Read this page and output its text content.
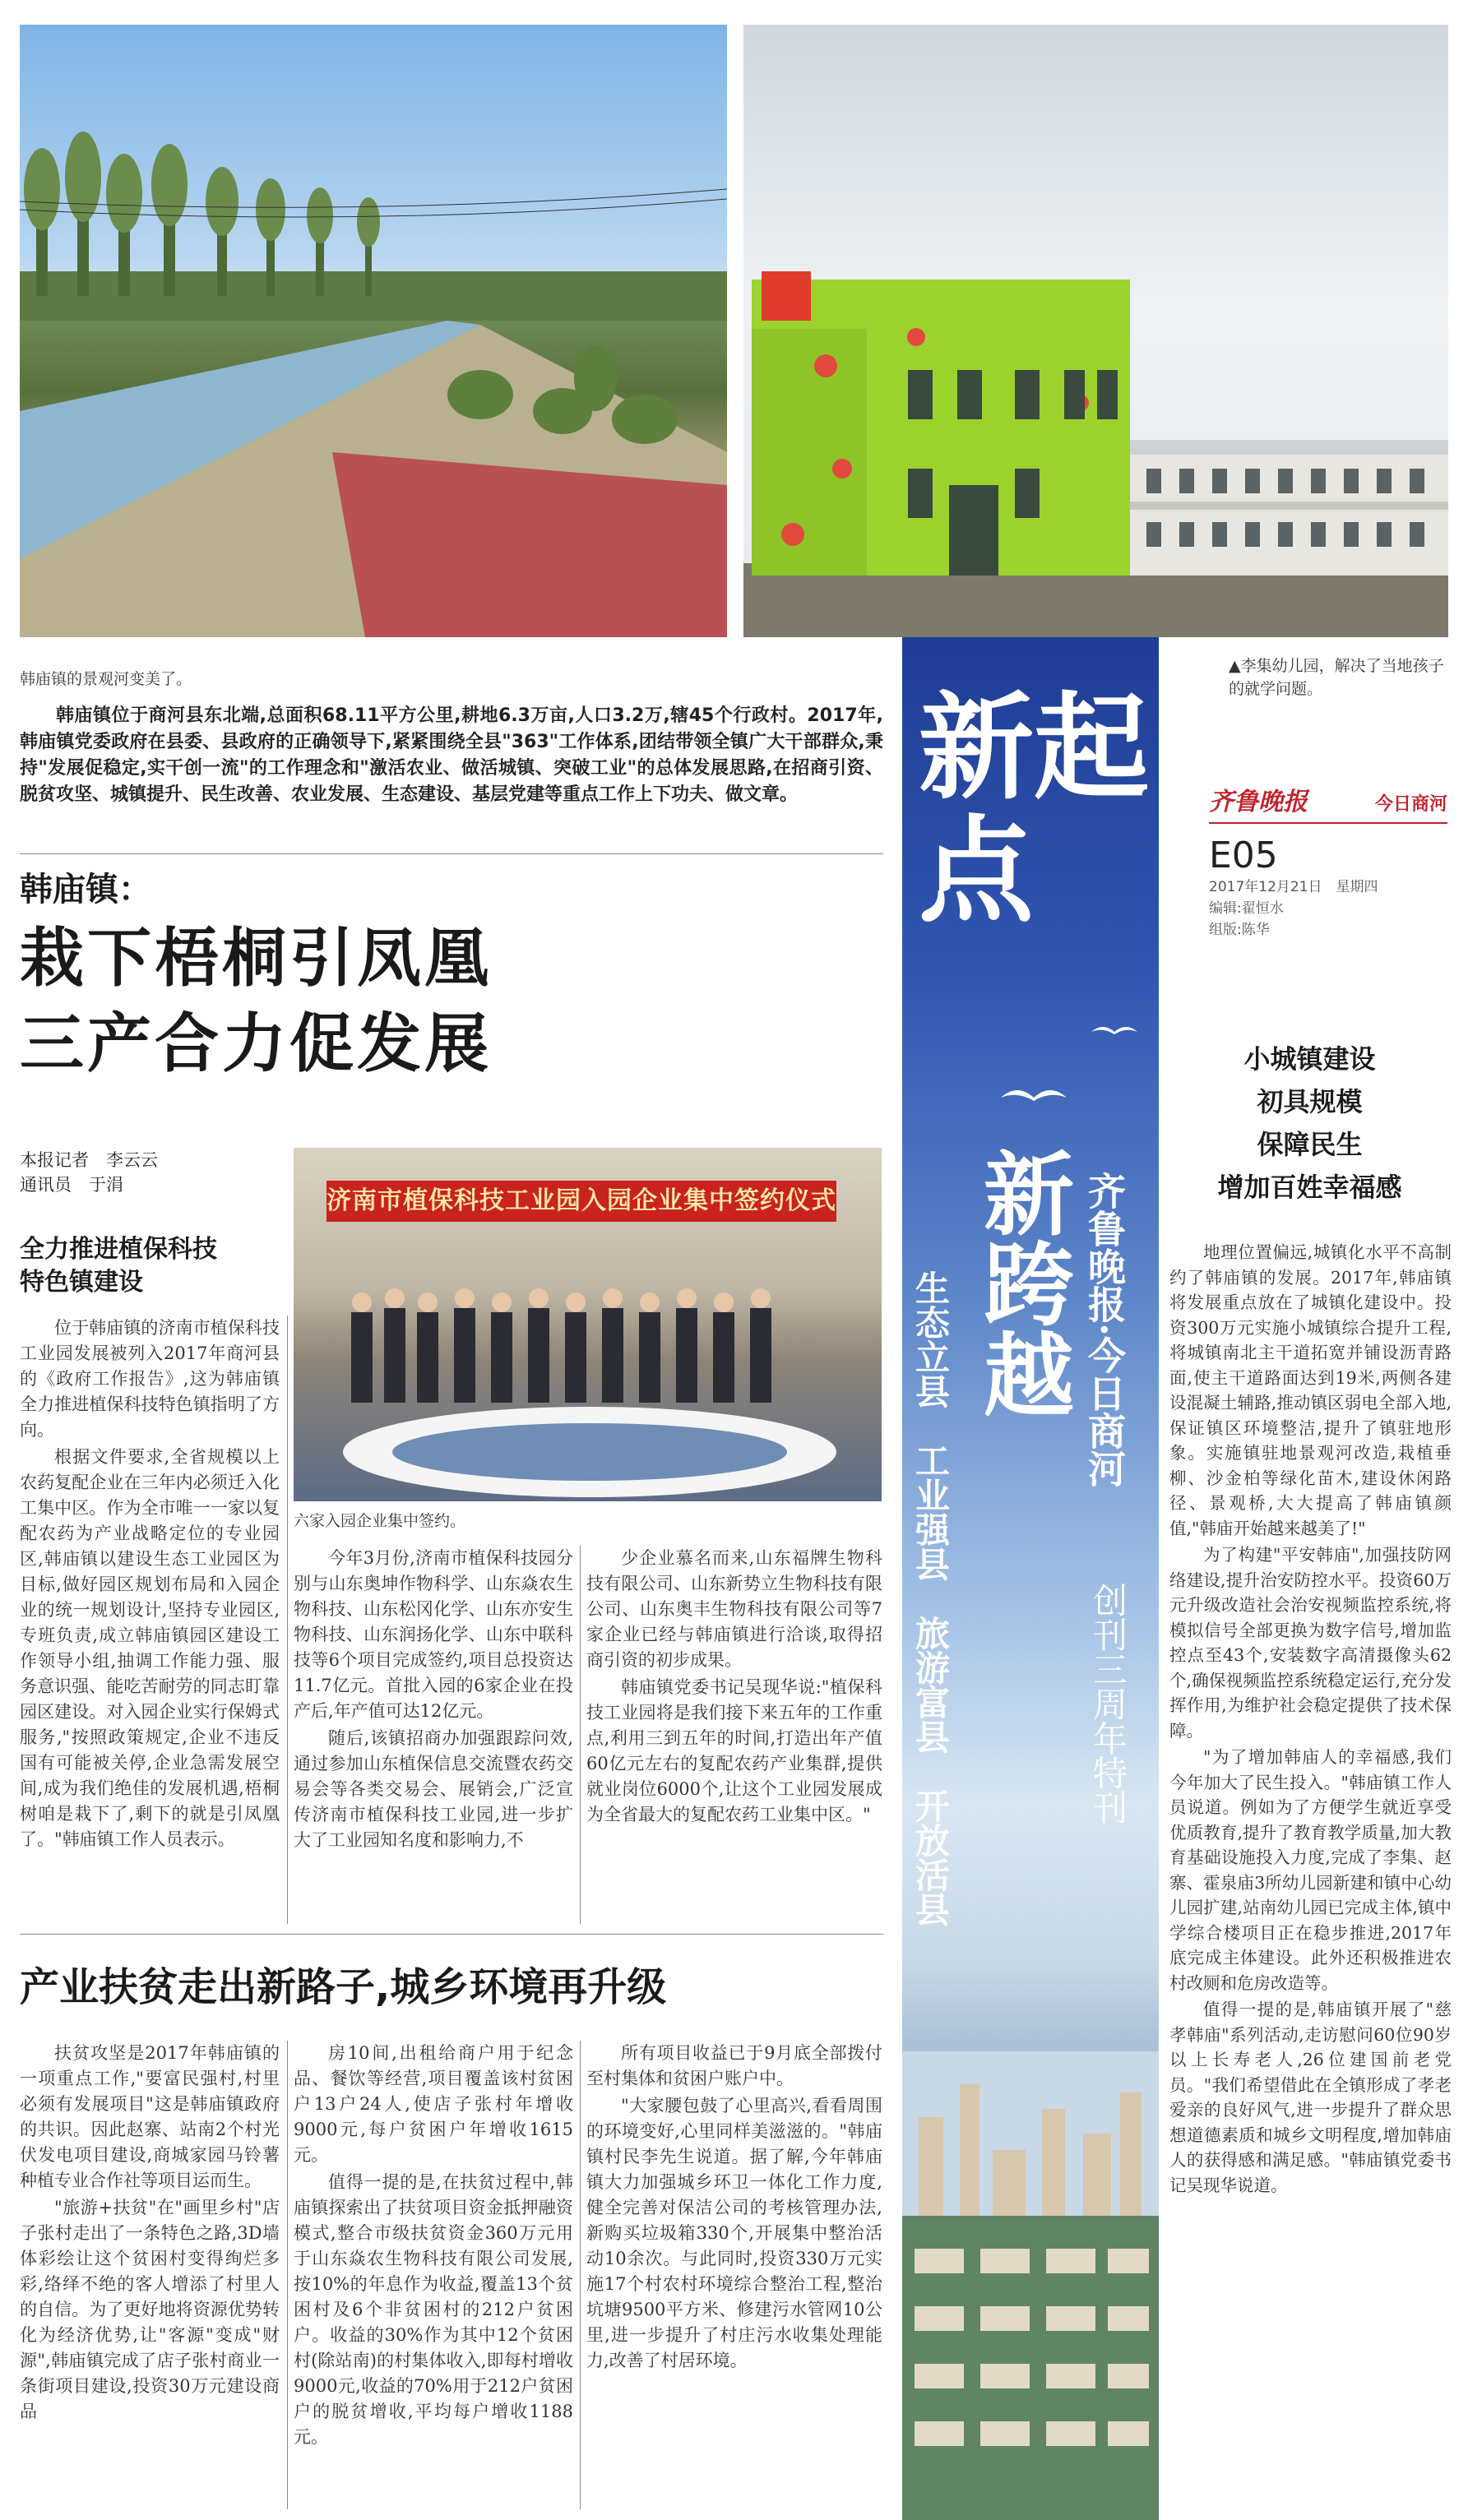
韩庙镇的景观河变美了。
▲李集幼儿园，解决了当地孩子的就学问题。
韩庙镇位于商河县东北端,总面积68.11平方公里,耕地6.3万亩,人口3.2万,辖45个行政村。2017年,韩庙镇党委政府在县委、县政府的正确领导下,紧紧围绕全县"363"工作体系,团结带领全镇广大干部群众,秉持"发展促稳定,实干创一流"的工作理念和"激活农业、做活城镇、突破工业"的总体发展思路,在招商引资、脱贫攻坚、城镇提升、民生改善、农业发展、生态建设、基层党建等重点工作上下功夫、做文章。
韩庙镇：
栽下梧桐引凤凰
三产合力促发展
本报记者　李云云
通讯员　于涓
全力推进植保科技
特色镇建设
济南市植保科技工业园入园企业集中签约仪式
六家入园企业集中签约。

位于韩庙镇的济南市植保科技工业园发展被列入2017年商河县的《政府工作报告》,这为韩庙镇全力推进植保科技特色镇指明了方向。

根据文件要求,全省规模以上农药复配企业在三年内必须迁入化工集中区。作为全市唯一一家以复配农药为产业战略定位的专业园区,韩庙镇以建设生态工业园区为目标,做好园区规划布局和入园企业的统一规划设计,坚持专业园区,专班负责,成立韩庙镇园区建设工作领导小组,抽调工作能力强、服务意识强、能吃苦耐劳的同志盯靠园区建设。对入园企业实行保姆式服务,"按照政策规定,企业不违反国有可能被关停,企业急需发展空间,成为我们绝佳的发展机遇,梧桐树咱是栽下了,剩下的就是引凤凰了。"韩庙镇工作人员表示。

今年3月份,济南市植保科技园分别与山东奥坤作物科学、山东焱农生物科技、山东松冈化学、山东亦安生物科技、山东润扬化学、山东中联科技等6个项目完成签约,项目总投资达11.7亿元。首批入园的6家企业在投产后,年产值可达12亿元。

随后,该镇招商办加强跟踪问效,通过参加山东植保信息交流暨农药交易会等各类交易会、展销会,广泛宣传济南市植保科技工业园,进一步扩大了工业园知名度和影响力,不

少企业慕名而来,山东福牌生物科技有限公司、山东新势立生物科技有限公司、山东奥丰生物科技有限公司等7家企业已经与韩庙镇进行洽谈,取得招商引资的初步成果。

韩庙镇党委书记吴现华说:"植保科技工业园将是我们接下来五年的工作重点,利用三到五年的时间,打造出年产值60亿元左右的复配农药产业集群,提供就业岗位6000个,让这个工业园发展成为全省最大的复配农药工业集中区。"

产业扶贫走出新路子,城乡环境再升级

扶贫攻坚是2017年韩庙镇的一项重点工作,"要富民强村,村里必须有发展项目"这是韩庙镇政府的共识。因此赵寨、站南2个村光伏发电项目建设,商城家园马铃薯种植专业合作社等项目运而生。

"旅游+扶贫"在"画里乡村"店子张村走出了一条特色之路,3D墙体彩绘让这个贫困村变得绚烂多彩,络绎不绝的客人增添了村里人的自信。为了更好地将资源优势转化为经济优势,让"客源"变成"财源",韩庙镇完成了店子张村商业一条街项目建设,投资30万元建设商品

房10间,出租给商户用于纪念品、餐饮等经营,项目覆盖该村贫困户13户24人,使店子张村年增收9000元,每户贫困户年增收1615元。

值得一提的是,在扶贫过程中,韩庙镇探索出了扶贫项目资金抵押融资模式,整合市级扶贫资金360万元用于山东焱农生物科技有限公司发展,按10%的年息作为收益,覆盖13个贫困村及6个非贫困村的212户贫困户。收益的30%作为其中12个贫困村(除站南)的村集体收入,即每村增收9000元,收益的70%用于212户贫困户的脱贫增收,平均每户增收1188元。

所有项目收益已于9月底全部拨付至村集体和贫困户账户中。

"大家腰包鼓了心里高兴,看看周围的环境变好,心里同样美滋滋的。"韩庙镇村民李先生说道。据了解,今年韩庙镇大力加强城乡环卫一体化工作力度,健全完善对保洁公司的考核管理办法,新购买垃圾箱330个,开展集中整治活动10余次。与此同时,投资330万元实施17个村农村环境综合整治工程,整治坑塘9500平方米、修建污水管网10公里,进一步提升了村庄污水收集处理能力,改善了村居环境。

新起点
新跨越 齐鲁晚报·今日商河
创刊三周年特刊
生态立县　工业强县　旅游富县　开放活县
齐鲁晚报	今日商河
E05
2017年12月21日　星期四
编辑:翟恒水
组版:陈华
小城镇建设
初具规模
保障民生
增加百姓幸福感

地理位置偏远,城镇化水平不高制约了韩庙镇的发展。2017年,韩庙镇将发展重点放在了城镇化建设中。投资300万元实施小城镇综合提升工程,将城镇南北主干道拓宽并铺设沥青路面,使主干道路面达到19米,两侧各建设混凝土辅路,推动镇区弱电全部入地,保证镇区环境整洁,提升了镇驻地形象。实施镇驻地景观河改造,栽植垂柳、沙金柏等绿化苗木,建设休闲路径、景观桥,大大提高了韩庙镇颜值,"韩庙开始越来越美了!"

为了构建"平安韩庙",加强技防网络建设,提升治安防控水平。投资60万元升级改造社会治安视频监控系统,将模拟信号全部更换为数字信号,增加监控点至43个,安装数字高清摄像头62个,确保视频监控系统稳定运行,充分发挥作用,为维护社会稳定提供了技术保障。

"为了增加韩庙人的幸福感,我们今年加大了民生投入。"韩庙镇工作人员说道。例如为了方便学生就近享受优质教育,提升了教育教学质量,加大教育基础设施投入力度,完成了李集、赵寨、霍泉庙3所幼儿园新建和镇中心幼儿园扩建,站南幼儿园已完成主体,镇中学综合楼项目正在稳步推进,2017年底完成主体建设。此外还积极推进农村改厕和危房改造等。

值得一提的是,韩庙镇开展了"慈孝韩庙"系列活动,走访慰问60位90岁以上长寿老人,26位建国前老党员。"我们希望借此在全镇形成了孝老爱亲的良好风气,进一步提升了群众思想道德素质和城乡文明程度,增加韩庙人的获得感和满足感。"韩庙镇党委书记吴现华说道。
